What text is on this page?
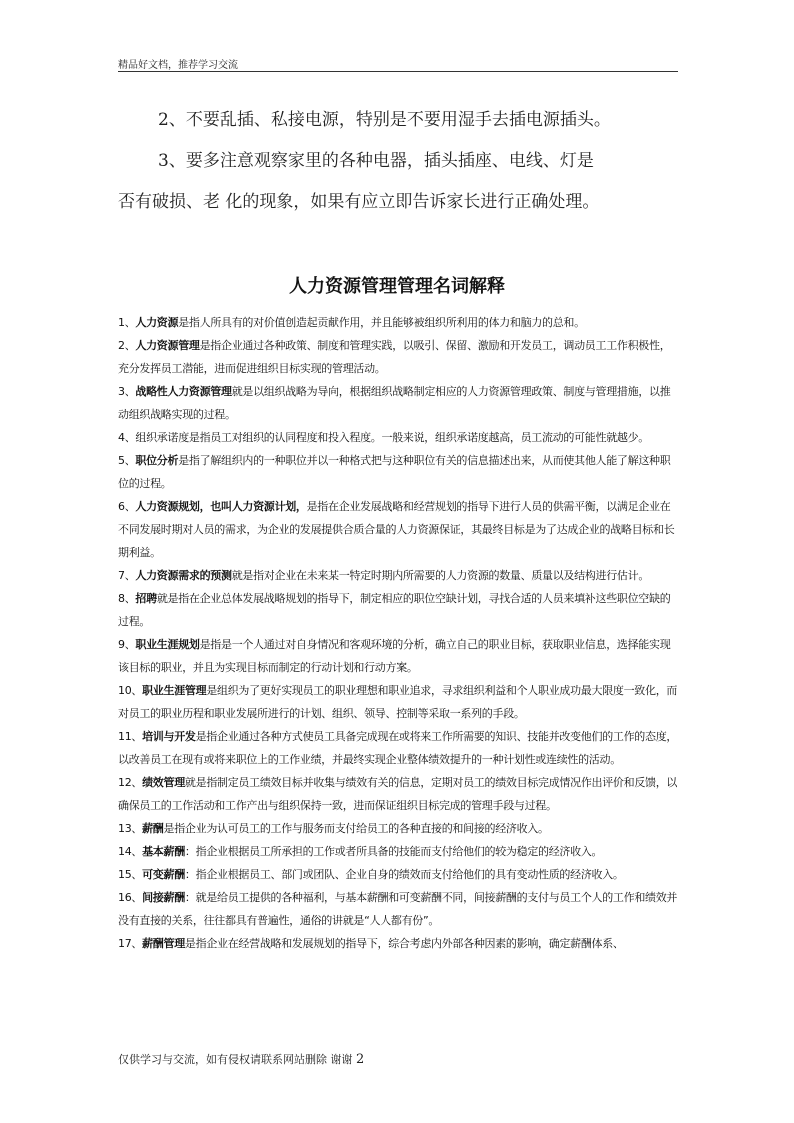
精品好文档，推荐学习交流
2、不要乱插、私接电源，特别是不要用湿手去插电源插头。
3、要多注意观察家里的各种电器，插头插座、电线、灯是
否有破损、老 化的现象，如果有应立即告诉家长进行正确处理。
人力资源管理管理名词解释

1、人力资源是指人所具有的对价值创造起贡献作用，并且能够被组织所利用的体力和脑力的总和。

2、人力资源管理是指企业通过各种政策、制度和管理实践，以吸引、保留、激励和开发员工，调动员工工作积极性，充分发挥员工潜能，进而促进组织目标实现的管理活动。

3、战略性人力资源管理就是以组织战略为导向，根据组织战略制定相应的人力资源管理政策、制度与管理措施，以推动组织战略实现的过程。

4、组织承诺度是指员工对组织的认同程度和投入程度。一般来说，组织承诺度越高，员工流动的可能性就越少。

5、职位分析是指了解组织内的一种职位并以一种格式把与这种职位有关的信息描述出来，从而使其他人能了解这种职位的过程。

6、人力资源规划，也叫人力资源计划，是指在企业发展战略和经营规划的指导下进行人员的供需平衡，以满足企业在不同发展时期对人员的需求，为企业的发展提供合质合量的人力资源保证，其最终目标是为了达成企业的战略目标和长期利益。

7、人力资源需求的预测就是指对企业在未来某一特定时期内所需要的人力资源的数量、质量以及结构进行估计。

8、招聘就是指在企业总体发展战略规划的指导下，制定相应的职位空缺计划，寻找合适的人员来填补这些职位空缺的过程。

9、职业生涯规划是指是一个人通过对自身情况和客观环境的分析，确立自己的职业目标，获取职业信息，选择能实现该目标的职业，并且为实现目标而制定的行动计划和行动方案。

10、职业生涯管理是组织为了更好实现员工的职业理想和职业追求，寻求组织利益和个人职业成功最大限度一致化，而对员工的职业历程和职业发展所进行的计划、组织、领导、控制等采取一系列的手段。

11、培训与开发是指企业通过各种方式使员工具备完成现在或将来工作所需要的知识、技能并改变他们的工作的态度，以改善员工在现有或将来职位上的工作业绩，并最终实现企业整体绩效提升的一种计划性或连续性的活动。

12、绩效管理就是指制定员工绩效目标并收集与绩效有关的信息，定期对员工的绩效目标完成情况作出评价和反馈，以确保员工的工作活动和工作产出与组织保持一致，进而保证组织目标完成的管理手段与过程。

13、薪酬是指企业为认可员工的工作与服务而支付给员工的各种直接的和间接的经济收入。

14、基本薪酬：指企业根据员工所承担的工作或者所具备的技能而支付给他们的较为稳定的经济收入。

15、可变薪酬：指企业根据员工、部门或团队、企业自身的绩效而支付给他们的具有变动性质的经济收入。

16、间接薪酬：就是给员工提供的各种福利，与基本薪酬和可变薪酬不同，间接薪酬的支付与员工个人的工作和绩效并没有直接的关系，往往都具有普遍性，通俗的讲就是“人人都有份”。

17、薪酬管理是指企业在经营战略和发展规划的指导下，综合考虑内外部各种因素的影响，确定薪酬体系、

仅供学习与交流，如有侵权请联系网站删除 谢谢 2
